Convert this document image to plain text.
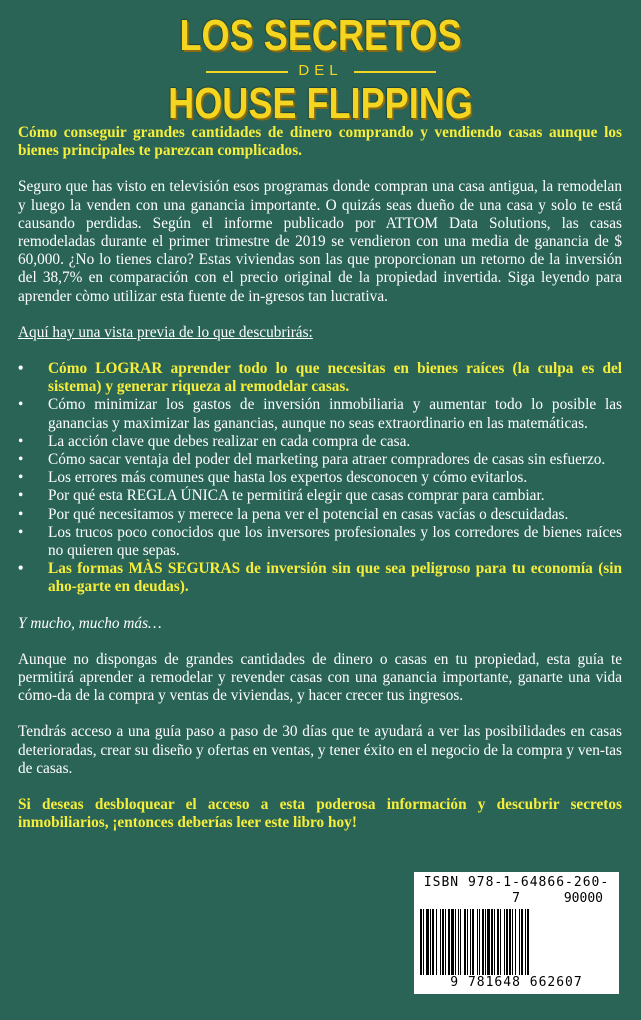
LOS SECRETOS
DEL
HOUSE FLIPPING

Cómo conseguir grandes cantidades de dinero comprando y vendiendo casas aunque los bienes principales te parezcan complicados.

Seguro que has visto en televisión esos programas donde compran una casa antigua, la remodelan y luego la venden con una ganancia importante. O quizás seas dueño de una casa y solo te está causando perdidas. Según el informe publicado por ATTOM Data Solutions, las casas remodeladas durante el primer trimestre de 2019 se vendieron con una media de ganancia de $ 60,000. ¿No lo tienes claro? Estas viviendas son las que proporcionan un retorno de la inversión del 38,7% en comparación con el precio original de la propiedad invertida. Siga leyendo para aprender còmo utilizar esta fuente de in-gresos tan lucrativa.

Aquí hay una vista previa de lo que descubrirás:

• Cómo LOGRAR aprender todo lo que necesitas en bienes raíces (la culpa es del sistema) y generar riqueza al remodelar casas.
• Cómo minimizar los gastos de inversión inmobiliaria y aumentar todo lo posible las ganancias y maximizar las ganancias, aunque no seas extraordinario en las matemáticas.
• La acción clave que debes realizar en cada compra de casa.
• Cómo sacar ventaja del poder del marketing para atraer compradores de casas sin esfuerzo.
• Los errores más comunes que hasta los expertos desconocen y cómo evitarlos.
• Por qué esta REGLA ÚNICA te permitirá elegir que casas comprar para cambiar.
• Por qué necesitamos y merece la pena ver el potencial en casas vacías o descuidadas.
• Los trucos poco conocidos que los inversores profesionales y los corredores de bienes raíces no quieren que sepas.
• Las formas MÀS SEGURAS de inversión sin que sea peligroso para tu economía (sin aho-garte en deudas).

Y mucho, mucho más…

Aunque no dispongas de grandes cantidades de dinero o casas en tu propiedad, esta guía te permitirá aprender a remodelar y revender casas con una ganancia importante, ganarte una vida cómo-da de la compra y ventas de viviendas, y hacer crecer tus ingresos.

Tendrás acceso a una guía paso a paso de 30 días que te ayudará a ver las posibilidades en casas deterioradas, crear su diseño y ofertas en ventas, y tener éxito en el negocio de la compra y ven-tas de casas.

Si deseas desbloquear el acceso a esta poderosa información y descubrir secretos inmobiliarios, ¡entonces deberías leer este libro hoy!

ISBN 978-1-64866-260-7	90000
9 781648 662607
